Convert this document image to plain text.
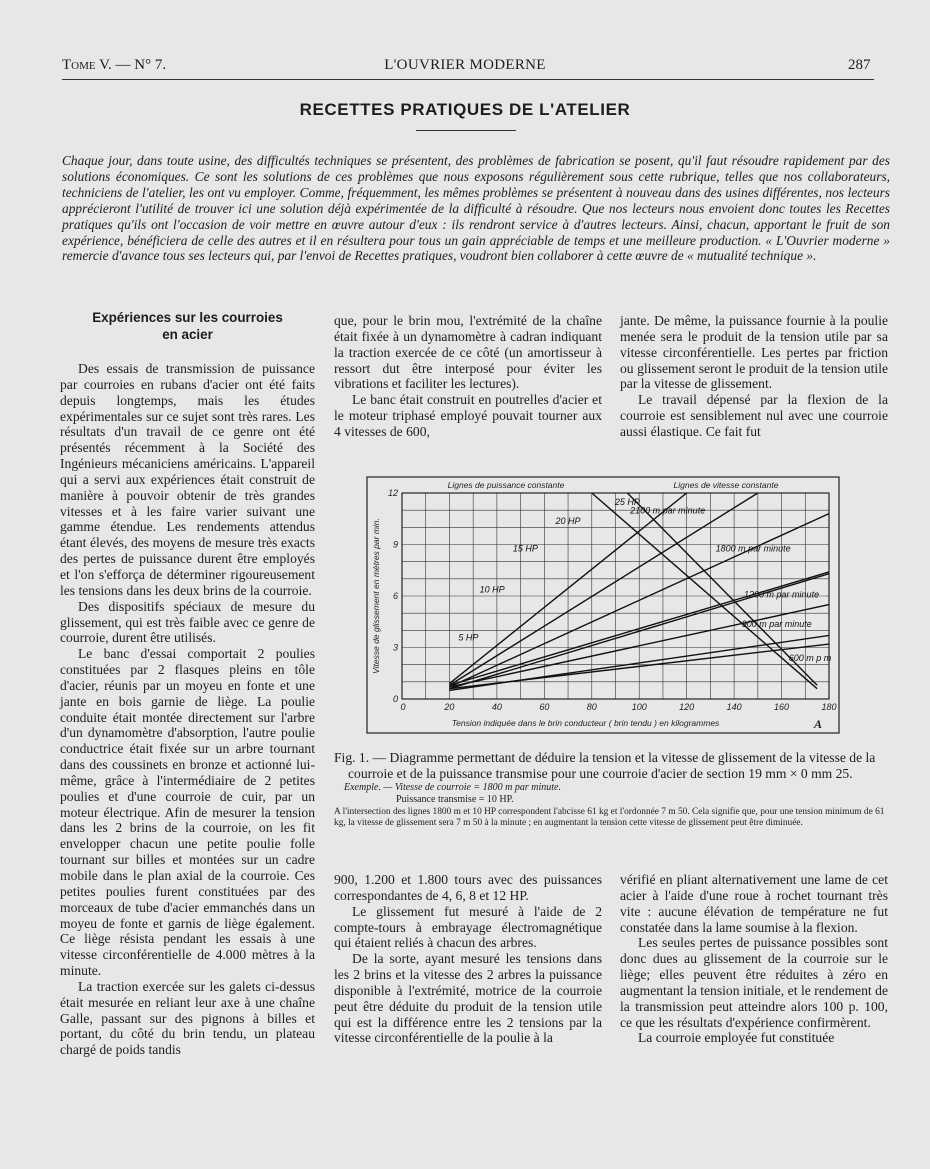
Tome V. — N° 7.	L'OUVRIER MODERNE	287
RECETTES PRATIQUES DE L'ATELIER
Chaque jour, dans toute usine, des difficultés techniques se présentent, des problèmes de fabrication se posent, qu'il faut résoudre rapidement par des solutions économiques. Ce sont les solutions de ces problèmes que nous exposons régulièrement sous cette rubrique, telles que nos collaborateurs, techniciens de l'atelier, les ont vu employer. Comme, fréquemment, les mêmes problèmes se présentent à nouveau dans des usines différentes, nos lecteurs apprécieront l'utilité de trouver ici une solution déjà expérimentée de la difficulté à résoudre. Que nos lecteurs nous envoient donc toutes les Recettes pratiques qu'ils ont l'occasion de voir mettre en œuvre autour d'eux : ils rendront service à d'autres lecteurs. Ainsi, chacun, apportant le fruit de son expérience, bénéficiera de celle des autres et il en résultera pour tous un gain appréciable de temps et une meilleure production. « L'Ouvrier moderne » remercie d'avance tous ses lecteurs qui, par l'envoi de Recettes pratiques, voudront bien collaborer à cette œuvre de « mutualité technique ».

Expériences sur les courroies
en acier

Des essais de transmission de puissance par courroies en rubans d'acier ont été faits depuis longtemps, mais les études expérimentales sur ce sujet sont très rares. Les résultats d'un travail de ce genre ont été présentés récemment à la Société des Ingénieurs mécaniciens américains. L'appareil qui a servi aux expériences était construit de manière à pouvoir obtenir de très grandes vitesses et à les faire varier suivant une gamme étendue. Les rendements attendus étant élevés, des moyens de mesure très exacts des pertes de puissance durent être employés et l'on s'efforça de déterminer rigoureusement les tensions dans les deux brins de la courroie.

Des dispositifs spéciaux de mesure du glissement, qui est très faible avec ce genre de courroie, durent être utilisés.

Le banc d'essai comportait 2 poulies constituées par 2 flasques pleins en tôle d'acier, réunis par un moyeu en fonte et une jante en bois garnie de liège. La poulie conduite était montée directement sur l'arbre d'un dynamomètre d'absorption, l'autre poulie conductrice était fixée sur un arbre tournant dans des coussinets en bronze et actionné lui-même, grâce à l'intermédiaire de 2 petites poulies et d'une courroie de cuir, par un moteur électrique. Afin de mesurer la tension dans les 2 brins de la courroie, on les fit envelopper chacun une petite poulie folle tournant sur billes et montées sur un cadre mobile dans le plan axial de la courroie. Ces petites poulies furent constituées par des morceaux de tube d'acier emmanchés dans un moyeu de fonte et garnis de liège également. Ce liège résista pendant les essais à une vitesse circonférentielle de 4.000 mètres à la minute.

La traction exercée sur les galets ci-dessus était mesurée en reliant leur axe à une chaîne Galle, passant sur des pignons à billes et portant, du côté du brin tendu, un plateau chargé de poids tandis

que, pour le brin mou, l'extrémité de la chaîne était fixée à un dynamomètre à cadran indiquant la traction exercée de ce côté (un amortisseur à ressort dut être interposé pour éviter les vibrations et faciliter les lectures).

Le banc était construit en poutrelles d'acier et le moteur triphasé employé pouvait tourner aux 4 vitesses de 600,

jante. De même, la puissance fournie à la poulie menée sera le produit de la tension utile par sa vitesse circonférentielle. Les pertes par friction ou glissement seront le produit de la tension utile par la vitesse de glissement.

Le travail dépensé par la flexion de la courroie est sensiblement nul avec une courroie aussi élastique. Ce fait fut

0	20	40	60	80	100	120	140	160	180
0
3
6
9
12
5 HP
10 HP
15 HP
20 HP
25 HP
2100 m par minute
1800 m par minute
1200 m par minute
900 m par minute
600 m p m
Lignes de puissance constante	Lignes de vitesse constante
Tension indiquée dans le brin conducteur ( brin tendu ) en kilogrammes
Vitesse de glissement en mètres par min.
A

Fig. 1. — Diagramme permettant de déduire la tension et la vitesse de glissement de la vitesse de la courroie et de la puissance transmise pour une courroie d'acier de section 19 mm × 0 mm 25.

Exemple. — Vitesse de courroie = 1800 m par minute.

Puissance transmise = 10 HP.

A l'intersection des lignes 1800 m et 10 HP correspondent l'abcisse 61 kg et l'ordonnée 7 m 50. Cela signifie que, pour une tension minimum de 61 kg, la vitesse de glissement sera 7 m 50 à la minute ; en augmentant la tension cette vitesse de glissement peut être diminuée.

900, 1.200 et 1.800 tours avec des puissances correspondantes de 4, 6, 8 et 12 HP.

Le glissement fut mesuré à l'aide de 2 compte-tours à embrayage électromagnétique qui étaient reliés à chacun des arbres.

De la sorte, ayant mesuré les tensions dans les 2 brins et la vitesse des 2 arbres la puissance disponible à l'extrémité, motrice de la courroie peut être déduite du produit de la tension utile qui est la différence entre les 2 tensions par la vitesse circonférentielle de la poulie à la

vérifié en pliant alternativement une lame de cet acier à l'aide d'une roue à rochet tournant très vite : aucune élévation de température ne fut constatée dans la lame soumise à la flexion.

Les seules pertes de puissance possibles sont donc dues au glissement de la courroie sur le liège; elles peuvent être réduites à zéro en augmentant la tension initiale, et le rendement de la transmission peut atteindre alors 100 p. 100, ce que les résultats d'expérience confirmèrent.

La courroie employée fut constituée
